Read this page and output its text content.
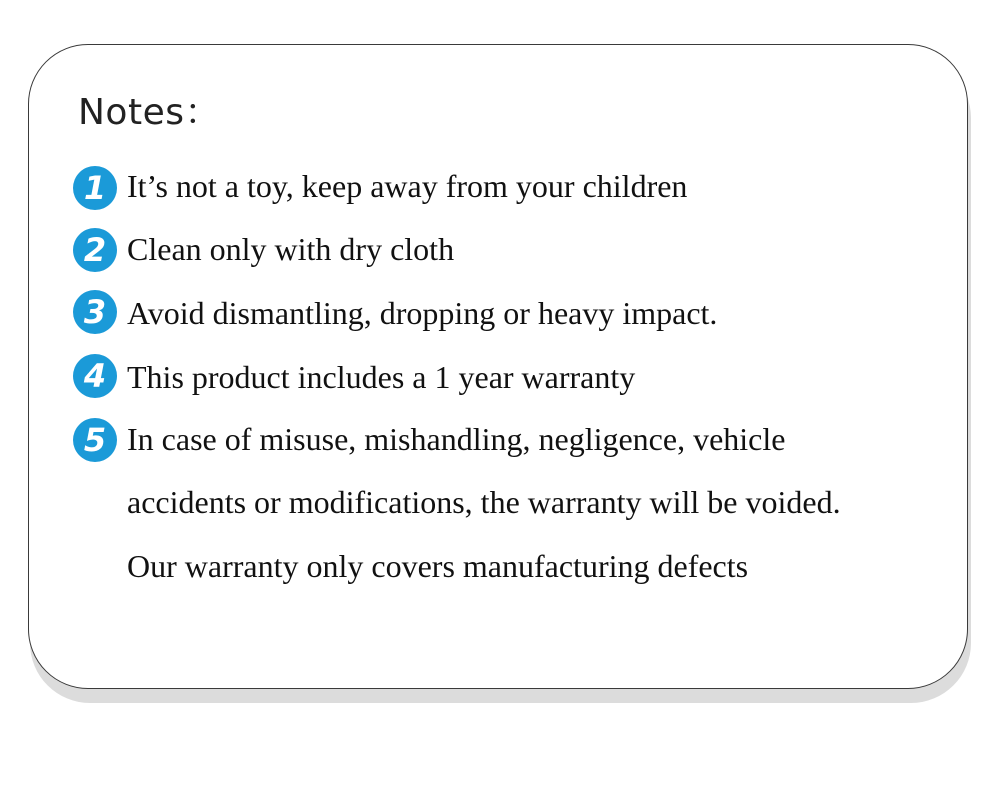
Notes：
1 It’s not a toy, keep away from your children
2 Clean only with dry cloth
3 Avoid dismantling, dropping or heavy impact.
4 This product includes a 1 year warranty
5 In case of misuse, mishandling, negligence, vehicle
accidents or modifications, the warranty will be voided.
Our warranty only covers manufacturing defects
